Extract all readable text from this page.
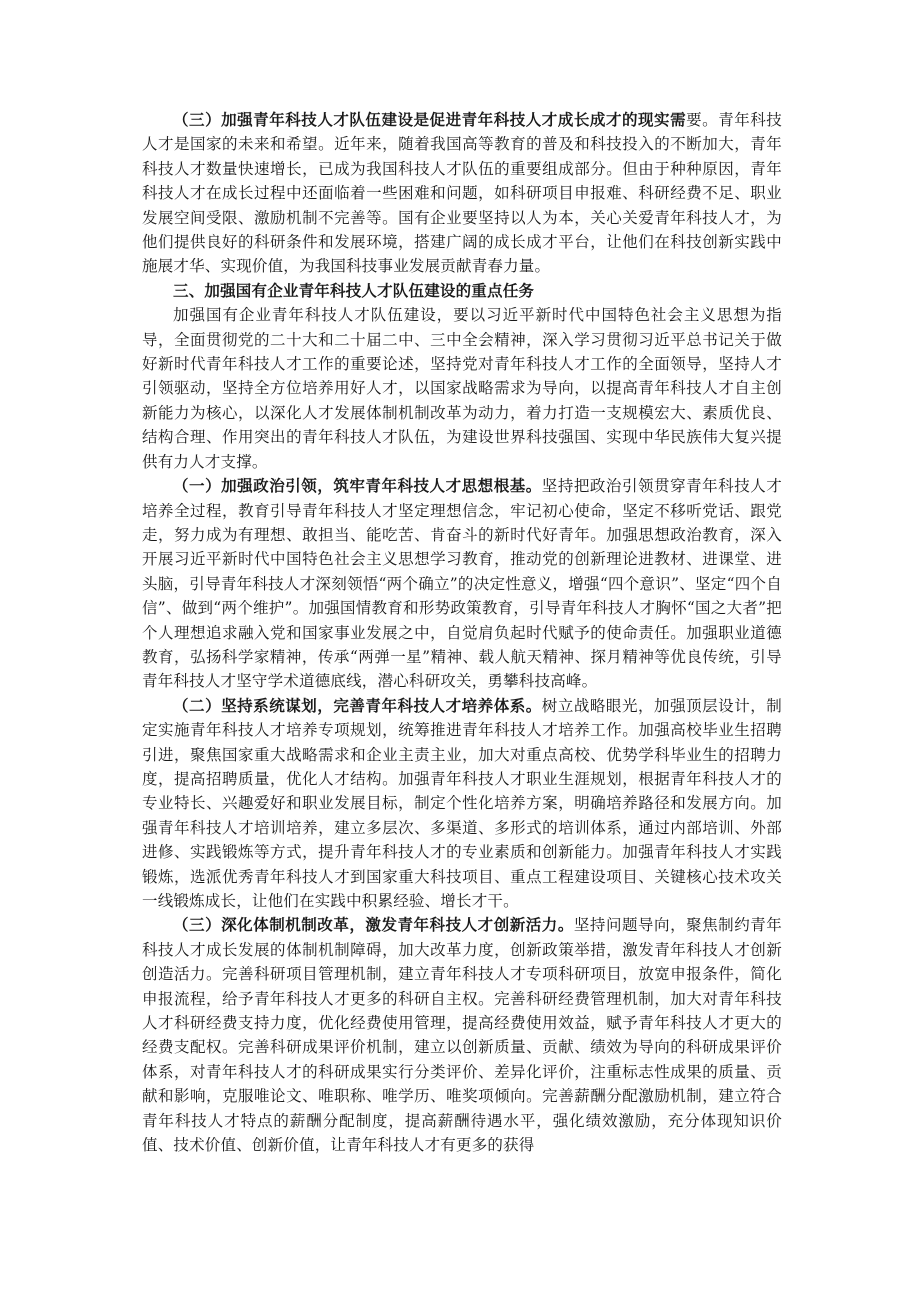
（三）加强青年科技人才队伍建设是促进青年科技人才成长成才的现实需要。青年科技人才是国家的未来和希望。近年来，随着我国高等教育的普及和科技投入的不断加大，青年科技人才数量快速增长，已成为我国科技人才队伍的重要组成部分。但由于种种原因，青年科技人才在成长过程中还面临着一些困难和问题，如科研项目申报难、科研经费不足、职业发展空间受限、激励机制不完善等。国有企业要坚持以人为本，关心关爱青年科技人才，为他们提供良好的科研条件和发展环境，搭建广阔的成长成才平台，让他们在科技创新实践中施展才华、实现价值，为我国科技事业发展贡献青春力量。

三、加强国有企业青年科技人才队伍建设的重点任务

加强国有企业青年科技人才队伍建设，要以习近平新时代中国特色社会主义思想为指导，全面贯彻党的二十大和二十届二中、三中全会精神，深入学习贯彻习近平总书记关于做好新时代青年科技人才工作的重要论述，坚持党对青年科技人才工作的全面领导，坚持人才引领驱动，坚持全方位培养用好人才，以国家战略需求为导向，以提高青年科技人才自主创新能力为核心，以深化人才发展体制机制改革为动力，着力打造一支规模宏大、素质优良、结构合理、作用突出的青年科技人才队伍，为建设世界科技强国、实现中华民族伟大复兴提供有力人才支撑。

（一）加强政治引领，筑牢青年科技人才思想根基。坚持把政治引领贯穿青年科技人才培养全过程，教育引导青年科技人才坚定理想信念，牢记初心使命，坚定不移听党话、跟党走，努力成为有理想、敢担当、能吃苦、肯奋斗的新时代好青年。加强思想政治教育，深入开展习近平新时代中国特色社会主义思想学习教育，推动党的创新理论进教材、进课堂、进头脑，引导青年科技人才深刻领悟“两个确立”的决定性意义，增强“四个意识”、坚定“四个自信”、做到“两个维护”。加强国情教育和形势政策教育，引导青年科技人才胸怀“国之大者”把个人理想追求融入党和国家事业发展之中，自觉肩负起时代赋予的使命责任。加强职业道德教育，弘扬科学家精神，传承“两弹一星”精神、载人航天精神、探月精神等优良传统，引导青年科技人才坚守学术道德底线，潜心科研攻关，勇攀科技高峰。

（二）坚持系统谋划，完善青年科技人才培养体系。树立战略眼光，加强顶层设计，制定实施青年科技人才培养专项规划，统筹推进青年科技人才培养工作。加强高校毕业生招聘引进，聚焦国家重大战略需求和企业主责主业，加大对重点高校、优势学科毕业生的招聘力度，提高招聘质量，优化人才结构。加强青年科技人才职业生涯规划，根据青年科技人才的专业特长、兴趣爱好和职业发展目标，制定个性化培养方案，明确培养路径和发展方向。加强青年科技人才培训培养，建立多层次、多渠道、多形式的培训体系，通过内部培训、外部进修、实践锻炼等方式，提升青年科技人才的专业素质和创新能力。加强青年科技人才实践锻炼，选派优秀青年科技人才到国家重大科技项目、重点工程建设项目、关键核心技术攻关一线锻炼成长，让他们在实践中积累经验、增长才干。

（三）深化体制机制改革，激发青年科技人才创新活力。坚持问题导向，聚焦制约青年科技人才成长发展的体制机制障碍，加大改革力度，创新政策举措，激发青年科技人才创新创造活力。完善科研项目管理机制，建立青年科技人才专项科研项目，放宽申报条件，简化申报流程，给予青年科技人才更多的科研自主权。完善科研经费管理机制，加大对青年科技人才科研经费支持力度，优化经费使用管理，提高经费使用效益，赋予青年科技人才更大的经费支配权。完善科研成果评价机制，建立以创新质量、贡献、绩效为导向的科研成果评价体系，对青年科技人才的科研成果实行分类评价、差异化评价，注重标志性成果的质量、贡献和影响，克服唯论文、唯职称、唯学历、唯奖项倾向。完善薪酬分配激励机制，建立符合青年科技人才特点的薪酬分配制度，提高薪酬待遇水平，强化绩效激励，充分体现知识价值、技术价值、创新价值，让青年科技人才有更多的获得
